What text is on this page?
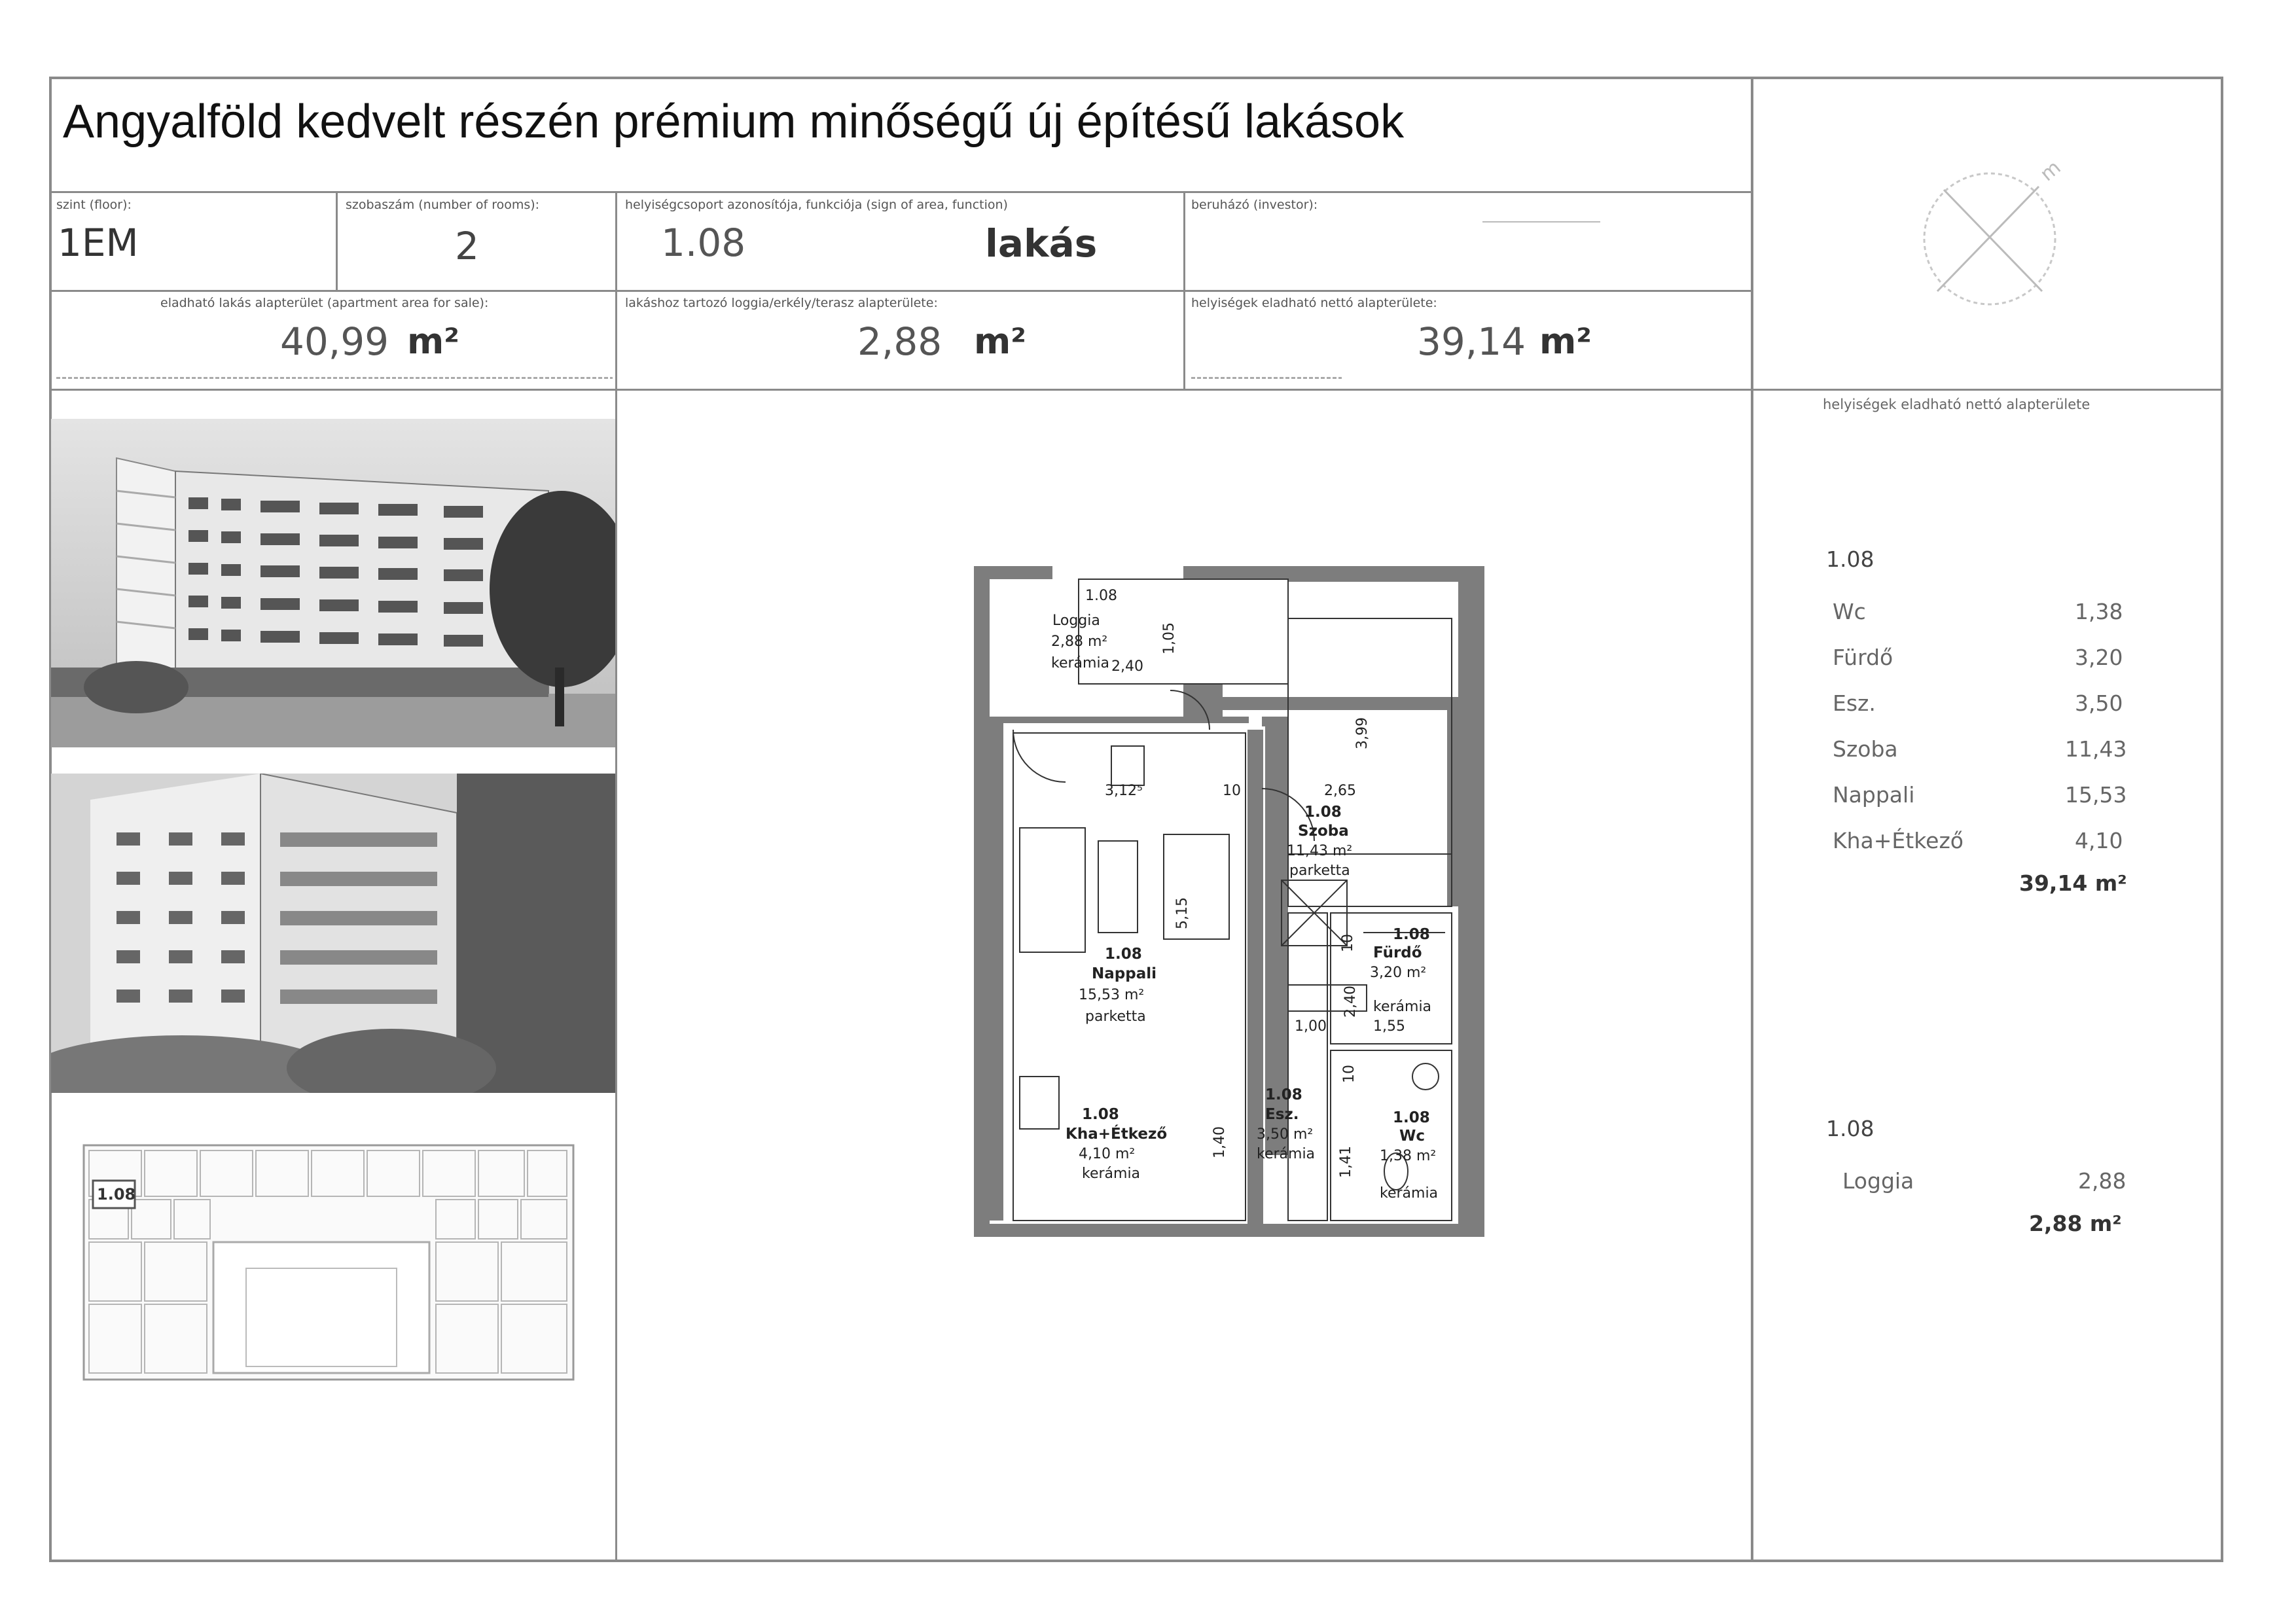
Angyalföld kedvelt részén prémium minőségű új építésű lakások
szint (floor):
1EM
szobaszám (number of rooms):
2
helyiségcsoport azonosítója, funkciója (sign of area, function)
1.08	lakás
beruházó (investor):
eladható lakás alapterület (apartment area for sale):
40,99 m²
lakáshoz tartozó loggia/erkély/terasz alapterülete:
2,88 m²
helyiségek eladható nettó alapterülete:
39,14 m²
m
1.08
1.08
Loggia
2,88 m²
kerámia 2,40
1,05
3,12⁵	10
5,15
1.08
Nappali
15,53 m²
parketta
3,99
2,65
1.08
Szoba
11,43 m²
parketta
10 1.08
Fürdő
3,20 m²
2,40 kerámia
1,55
1,00
10
1.08
Esz.
3,50 m²
kerámia 1,41
1.08
Wc
1,38 m²
kerámia
1.08
Kha+Étkező
4,10 m²
kerámia
1,40
helyiségek eladható nettó alapterülete
1.08
Wc	1,38
Fürdő	3,20
Esz.	3,50
Szoba	11,43
Nappali	15,53
Kha+Étkező	4,10
39,14 m²
1.08
Loggia	2,88
2,88 m²
